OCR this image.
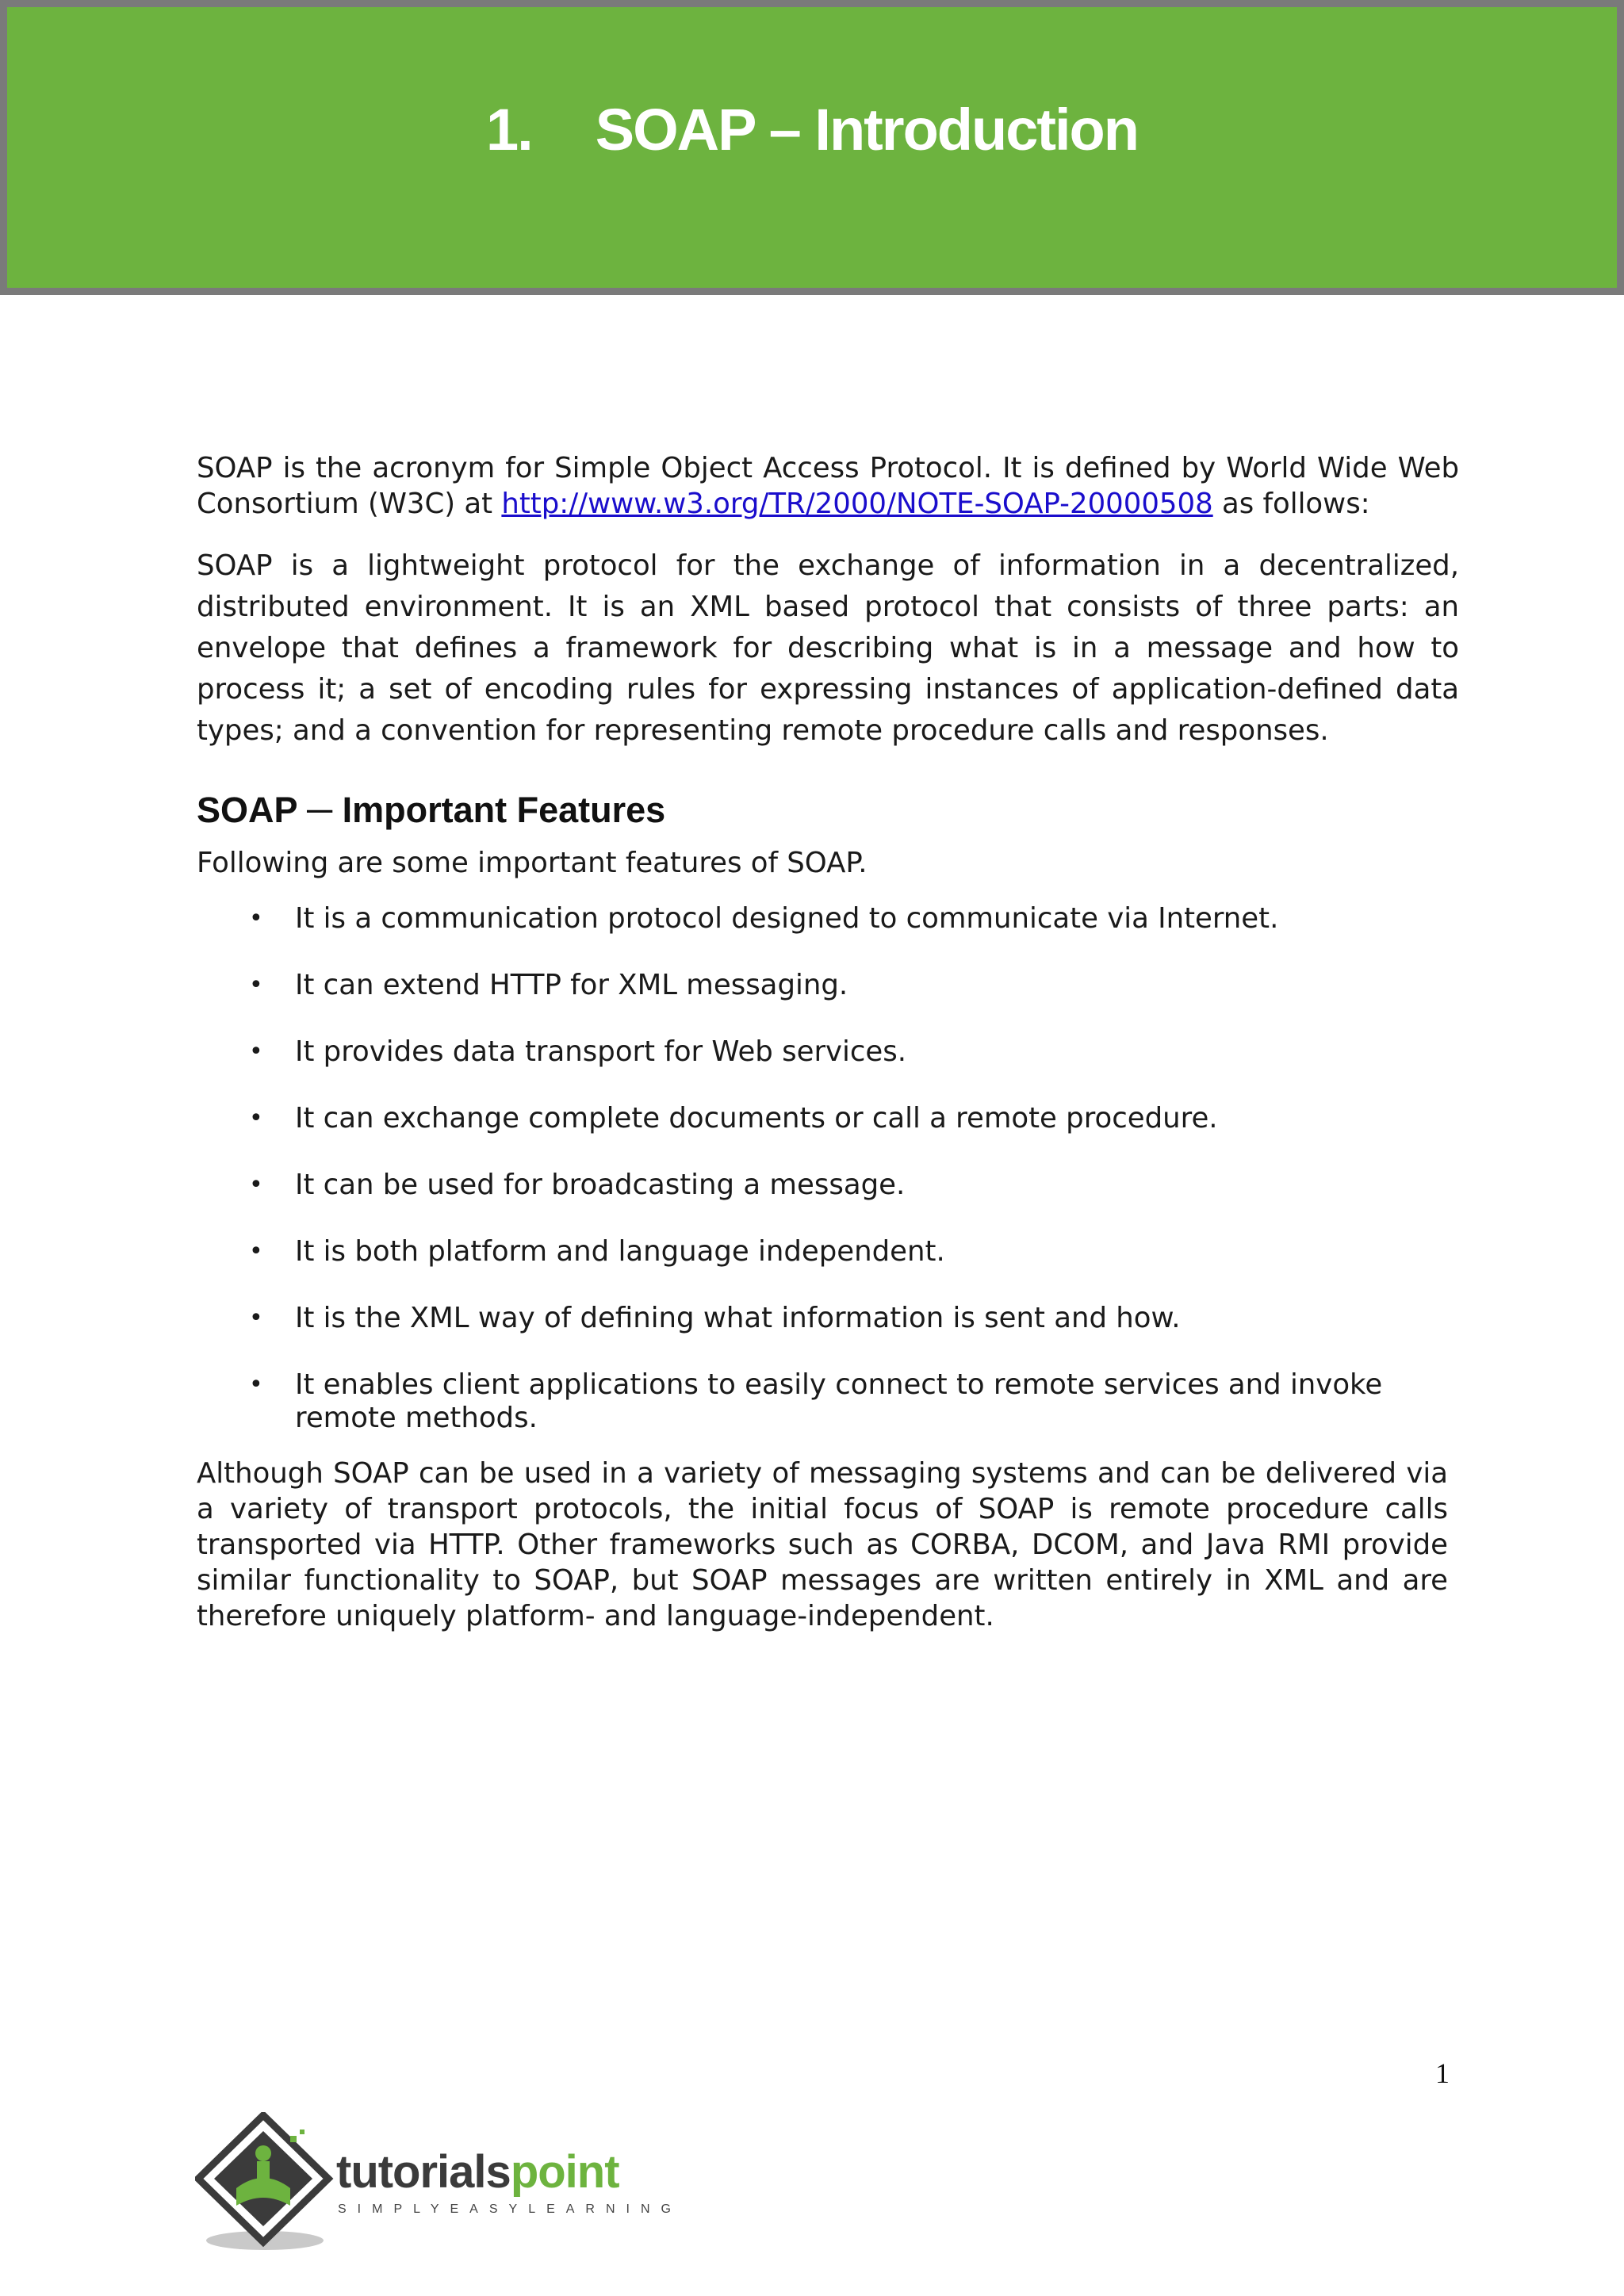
1. SOAP – Introduction

SOAP is the acronym for Simple Object Access Protocol. It is defined by World Wide Web Consortium (W3C) at http://www.w3.org/TR/2000/NOTE-SOAP-20000508 as follows:

SOAP is a lightweight protocol for the exchange of information in a decentralized, distributed environment. It is an XML based protocol that consists of three parts: an envelope that defines a framework for describing what is in a message and how to process it; a set of encoding rules for expressing instances of application-defined data types; and a convention for representing remote procedure calls and responses.

SOAP ─ Important Features

Following are some important features of SOAP.

• It is a communication protocol designed to communicate via Internet.
• It can extend HTTP for XML messaging.
• It provides data transport for Web services.
• It can exchange complete documents or call a remote procedure.
• It can be used for broadcasting a message.
• It is both platform and language independent.
• It is the XML way of defining what information is sent and how.
• It enables client applications to easily connect to remote services and invoke remote methods.

Although SOAP can be used in a variety of messaging systems and can be delivered via a variety of transport protocols, the initial focus of SOAP is remote procedure calls transported via HTTP. Other frameworks such as CORBA, DCOM, and Java RMI provide similar functionality to SOAP, but SOAP messages are written entirely in XML and are therefore uniquely platform- and language-independent.

1
tutorialspoint
SIMPLYEASYLEARNING
